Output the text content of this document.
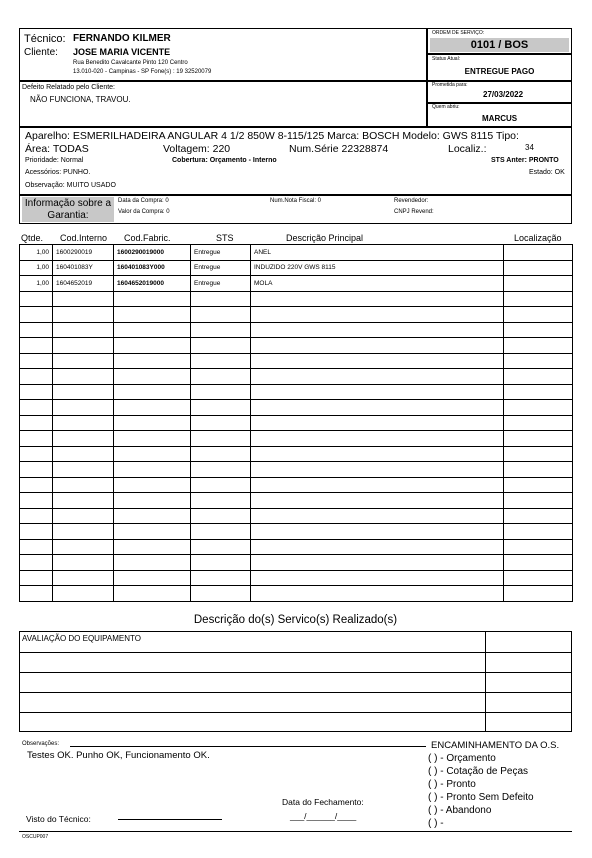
Técnico: FERNANDO KILMER
Cliente: JOSE MARIA VICENTE
Rua Benedito Cavalcante Pinto 120 Centro
13.010-020 - Campinas - SP Fone(s) : 19 32520079
ORDEM DE SERVIÇO:
0101 / BOS
Status Atual:
ENTREGUE PAGO
Prometida para:
27/03/2022
Quem abriu:
MARCUS
Defeito Relatado pelo Cliente:
NÃO FUNCIONA, TRAVOU.
Aparelho: ESMERILHADEIRA ANGULAR 4 1/2 850W 8-115/125 Marca: BOSCH Modelo: GWS 8115 Tipo:
Área: TODAS	Voltagem: 220	Num.Série 22328874	Localiz.:	34
Prioridade: Normal	Cobertura: Orçamento - Interno	STS Anter: PRONTO
Acessórios: PUNHO.	Estado: OK
Observação: MUITO USADO
Informação sobre a Garantia:
Data da Compra: 0
Valor da Compra: 0
Num.Nota Fiscal: 0	Revendedor:
CNPJ Revend:
Qtde. Cod.Interno Cod.Fabric.	STS	Descrição Principal	Localização
1,00	1600290019	1600290019000	Entregue	ANEL	
1,00	160401083Y	160401083Y000	Entregue	INDUZIDO 220V GWS 8115	
1,00	1604652019	1604652019000	Entregue	MOLA	

Descrição do(s) Servico(s) Realizado(s)
AVALIAÇÃO DO EQUIPAMENTO
Observações:
Testes OK. Punho OK, Funcionamento OK.
ENCAMINHAMENTO DA O.S.
( ) - Orçamento
( ) - Cotação de Peças
( ) - Pronto
( ) - Pronto Sem Defeito
( ) - Abandono
( ) -
Data do Fechamento:
___/______/____
Visto do Técnico:
OSCUP007
